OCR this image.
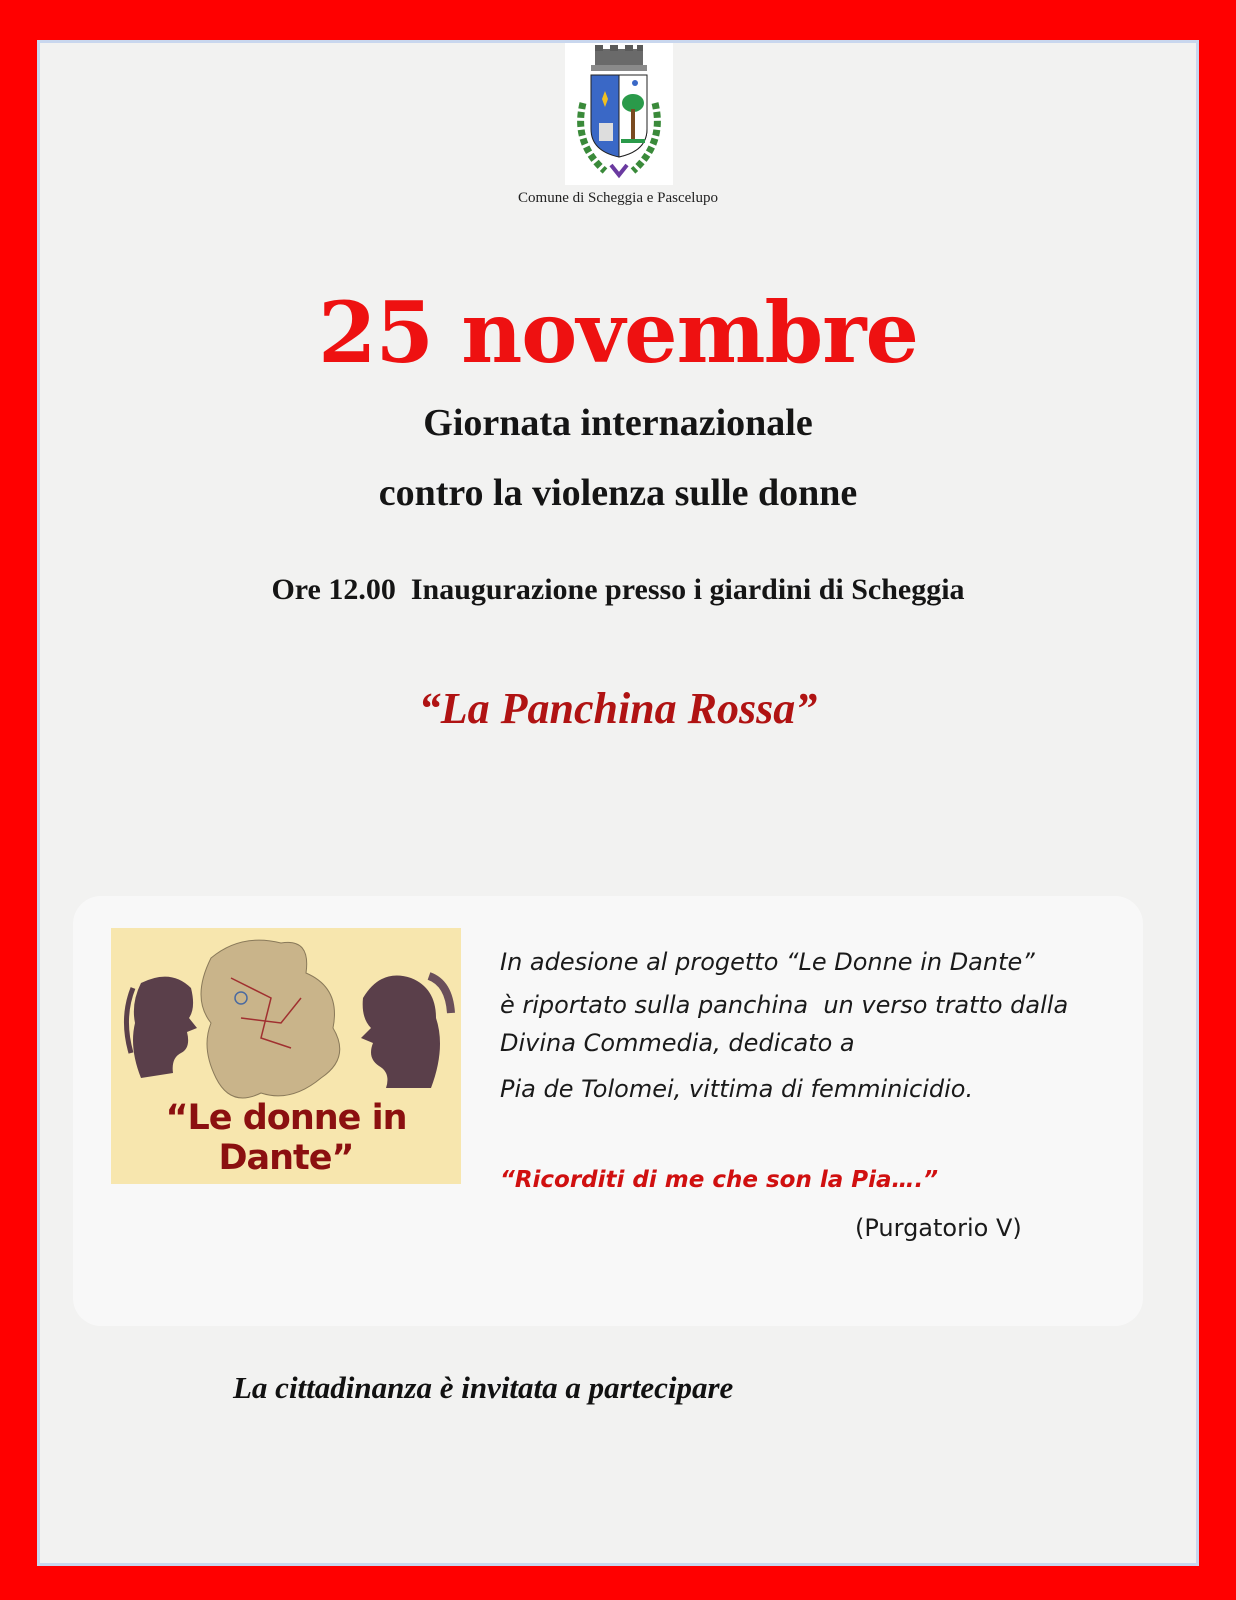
Comune di Scheggia e Pascelupo
25 novembre
Giornata internazionale
contro la violenza sulle donne
Ore 12.00  Inaugurazione presso i giardini di Scheggia
“La Panchina Rossa”
“Le donne in Dante”
In adesione al progetto “Le Donne in Dante”
è riportato sulla panchina  un verso tratto dalla
Divina Commedia, dedicato a
Pia de Tolomei, vittima di femminicidio.
“Ricorditi di me che son la Pia….”
(Purgatorio V)
La cittadinanza è invitata a partecipare
